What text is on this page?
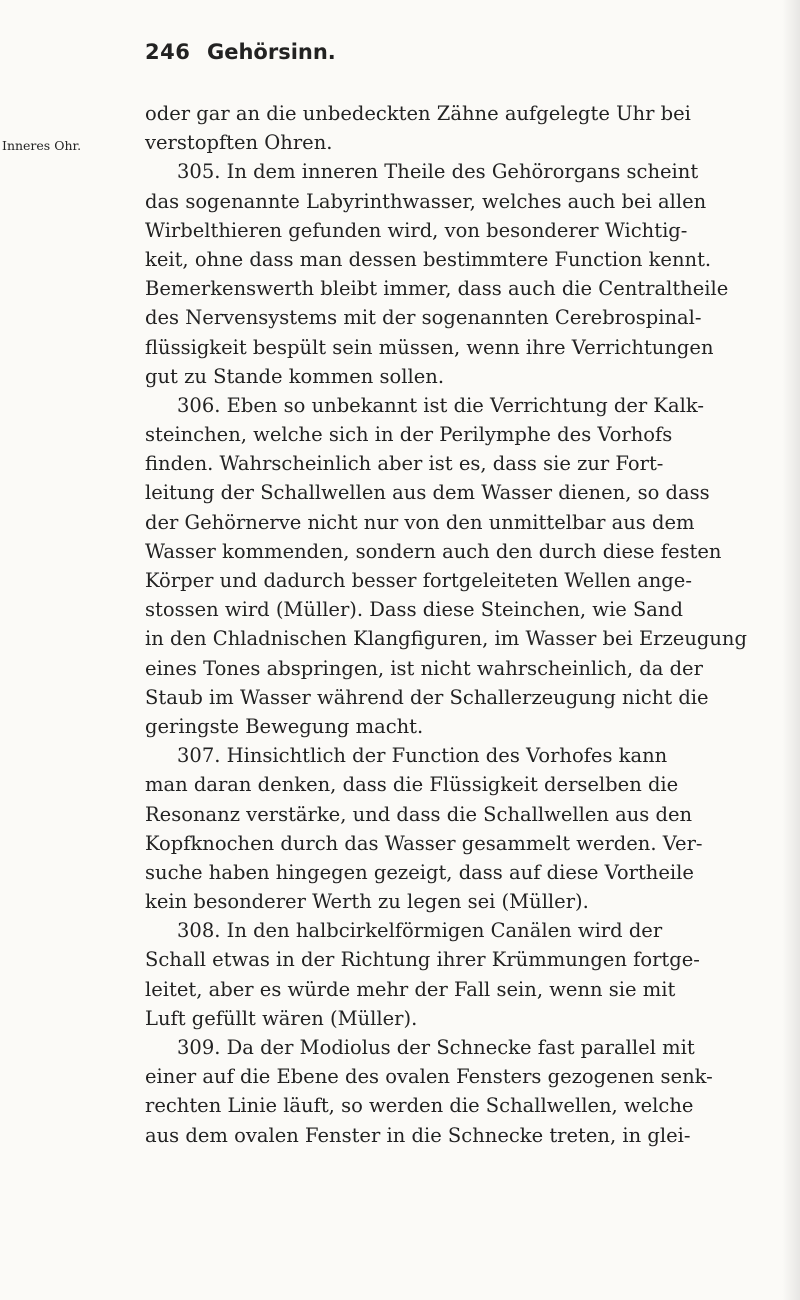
246 Gehörsinn.
Inneres Ohr.
oder gar an die unbedeckten Zähne aufgelegte Uhr bei
verstopften Ohren.
305. In dem inneren Theile des Gehörorgans scheint
das sogenannte Labyrinthwasser, welches auch bei allen
Wirbelthieren gefunden wird, von besonderer Wichtig-
keit, ohne dass man dessen bestimmtere Function kennt.
Bemerkenswerth bleibt immer, dass auch die Centraltheile
des Nervensystems mit der sogenannten Cerebrospinal-
flüssigkeit bespült sein müssen, wenn ihre Verrichtungen
gut zu Stande kommen sollen.
306. Eben so unbekannt ist die Verrichtung der Kalk-
steinchen, welche sich in der Perilymphe des Vorhofs
finden. Wahrscheinlich aber ist es, dass sie zur Fort-
leitung der Schallwellen aus dem Wasser dienen, so dass
der Gehörnerve nicht nur von den unmittelbar aus dem
Wasser kommenden, sondern auch den durch diese festen
Körper und dadurch besser fortgeleiteten Wellen ange-
stossen wird (Müller). Dass diese Steinchen, wie Sand
in den Chladnischen Klangfiguren, im Wasser bei Erzeugung
eines Tones abspringen, ist nicht wahrscheinlich, da der
Staub im Wasser während der Schallerzeugung nicht die
geringste Bewegung macht.
307. Hinsichtlich der Function des Vorhofes kann
man daran denken, dass die Flüssigkeit derselben die
Resonanz verstärke, und dass die Schallwellen aus den
Kopfknochen durch das Wasser gesammelt werden. Ver-
suche haben hingegen gezeigt, dass auf diese Vortheile
kein besonderer Werth zu legen sei (Müller).
308. In den halbcirkelförmigen Canälen wird der
Schall etwas in der Richtung ihrer Krümmungen fortge-
leitet, aber es würde mehr der Fall sein, wenn sie mit
Luft gefüllt wären (Müller).
309. Da der Modiolus der Schnecke fast parallel mit
einer auf die Ebene des ovalen Fensters gezogenen senk-
rechten Linie läuft, so werden die Schallwellen, welche
aus dem ovalen Fenster in die Schnecke treten, in glei-
